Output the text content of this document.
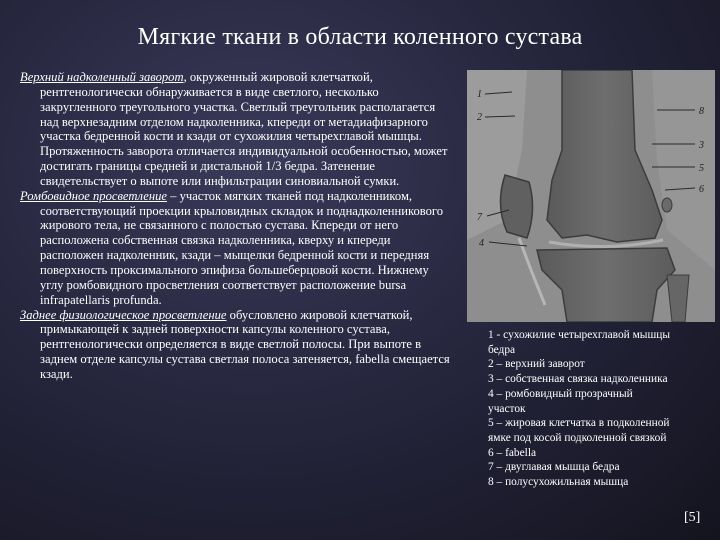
Мягкие ткани в области коленного сустава

Верхний надколенный заворот, окруженный жировой клетчаткой, рентгенологически обнаруживается в виде светлого, несколько закругленного треугольного участка. Светлый треугольник располагается над верхнезадним отделом надколенника, кпереди от метадиафизарного участка бедренной кости и кзади от сухожилия четырехглавой мышцы. Протяженность заворота отличается индивидуальной особенностью, может достигать границы средней и дистальной 1/3 бедра. Затенение свидетельствует о выпоте или инфильтрации синовиальной сумки.

Ромбовидное просветление – участок мягких тканей под надколенником, соответствующий проекции крыловидных складок и поднадколенникового жирового тела, не связанного с полостью сустава. Кпереди от него расположена собственная связка надколенника, кверху и кпереди расположен надколенник, кзади – мыщелки бедренной кости и передняя поверхность проксимального эпифиза большеберцовой кости. Нижнему углу ромбовидного просветления соответствует расположение bursa infrapatellaris profunda.

Заднее физиологическое просветление обусловлено жировой клетчаткой, примыкающей к задней поверхности капсулы коленного сустава, рентгенологически определяется в виде светлой полосы. При выпоте в заднем отделе капсулы сустава светлая полоса затеняется, fabella смещается кзади.

1
2
7
4
8
3
5
6
1 - сухожилие четырехглавой мышцы
бедра
2 – верхний заворот
3 – собственная связка надколенника
4 – ромбовидный прозрачный
участок
5 – жировая клетчатка в подколенной
ямке под косой подколенной связкой
6 – fabella
7 – двуглавая мышца бедра
8 – полусухожильная мышца
[5]
